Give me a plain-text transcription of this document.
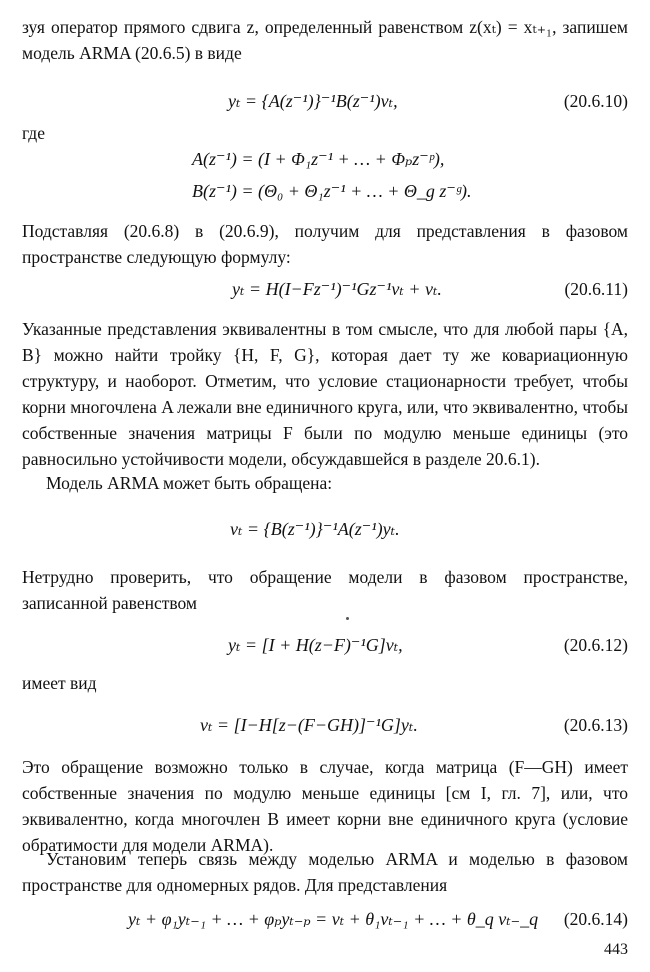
зуя оператор прямого сдвига z, определенный равенством z(xₜ) = xₜ₊₁, запишем модель ARMA (20.6.5) в виде

yₜ = {A(z⁻¹)}⁻¹B(z⁻¹)vₜ,	(20.6.10)

где

A(z⁻¹) = (I + Φ₁z⁻¹ + … + Φₚz⁻ᵖ),
B(z⁻¹) = (Θ₀ + Θ₁z⁻¹ + … + Θ_g z⁻ᵍ).

Подставляя (20.6.8) в (20.6.9), получим для представления в фазовом пространстве следующую формулу:

yₜ = H(I−Fz⁻¹)⁻¹Gz⁻¹vₜ + vₜ.	(20.6.11)

Указанные представления эквивалентны в том смысле, что для любой пары {A, B} можно найти тройку {H, F, G}, которая дает ту же ковариационную структуру, и наоборот. Отметим, что условие стационарности требует, чтобы корни многочлена A лежали вне единичного круга, или, что эквивалентно, чтобы собственные значения матрицы F были по модулю меньше единицы (это равносильно устойчивости модели, обсуждавшейся в разделе 20.6.1).

Модель ARMA может быть обращена:

vₜ = {B(z⁻¹)}⁻¹A(z⁻¹)yₜ.

Нетрудно проверить, что обращение модели в фазовом пространстве, записанной равенством

yₜ = [I + H(z−F)⁻¹G]vₜ,	(20.6.12)

имеет вид

vₜ = [I−H[z−(F−GH)]⁻¹G]yₜ.	(20.6.13)

Это обращение возможно только в случае, когда матрица (F—GH) имеет собственные значения по модулю меньше единицы [см I, гл. 7], или, что эквивалентно, когда многочлен B имеет корни вне единичного круга (условие обратимости для модели ARMA).

Установим теперь связь между моделью ARMA и моделью в фазовом пространстве для одномерных рядов. Для представления

yₜ + φ₁yₜ₋₁ + … + φₚyₜ₋ₚ = vₜ + θ₁vₜ₋₁ + … + θ_q vₜ₋_q (20.6.14)
443
